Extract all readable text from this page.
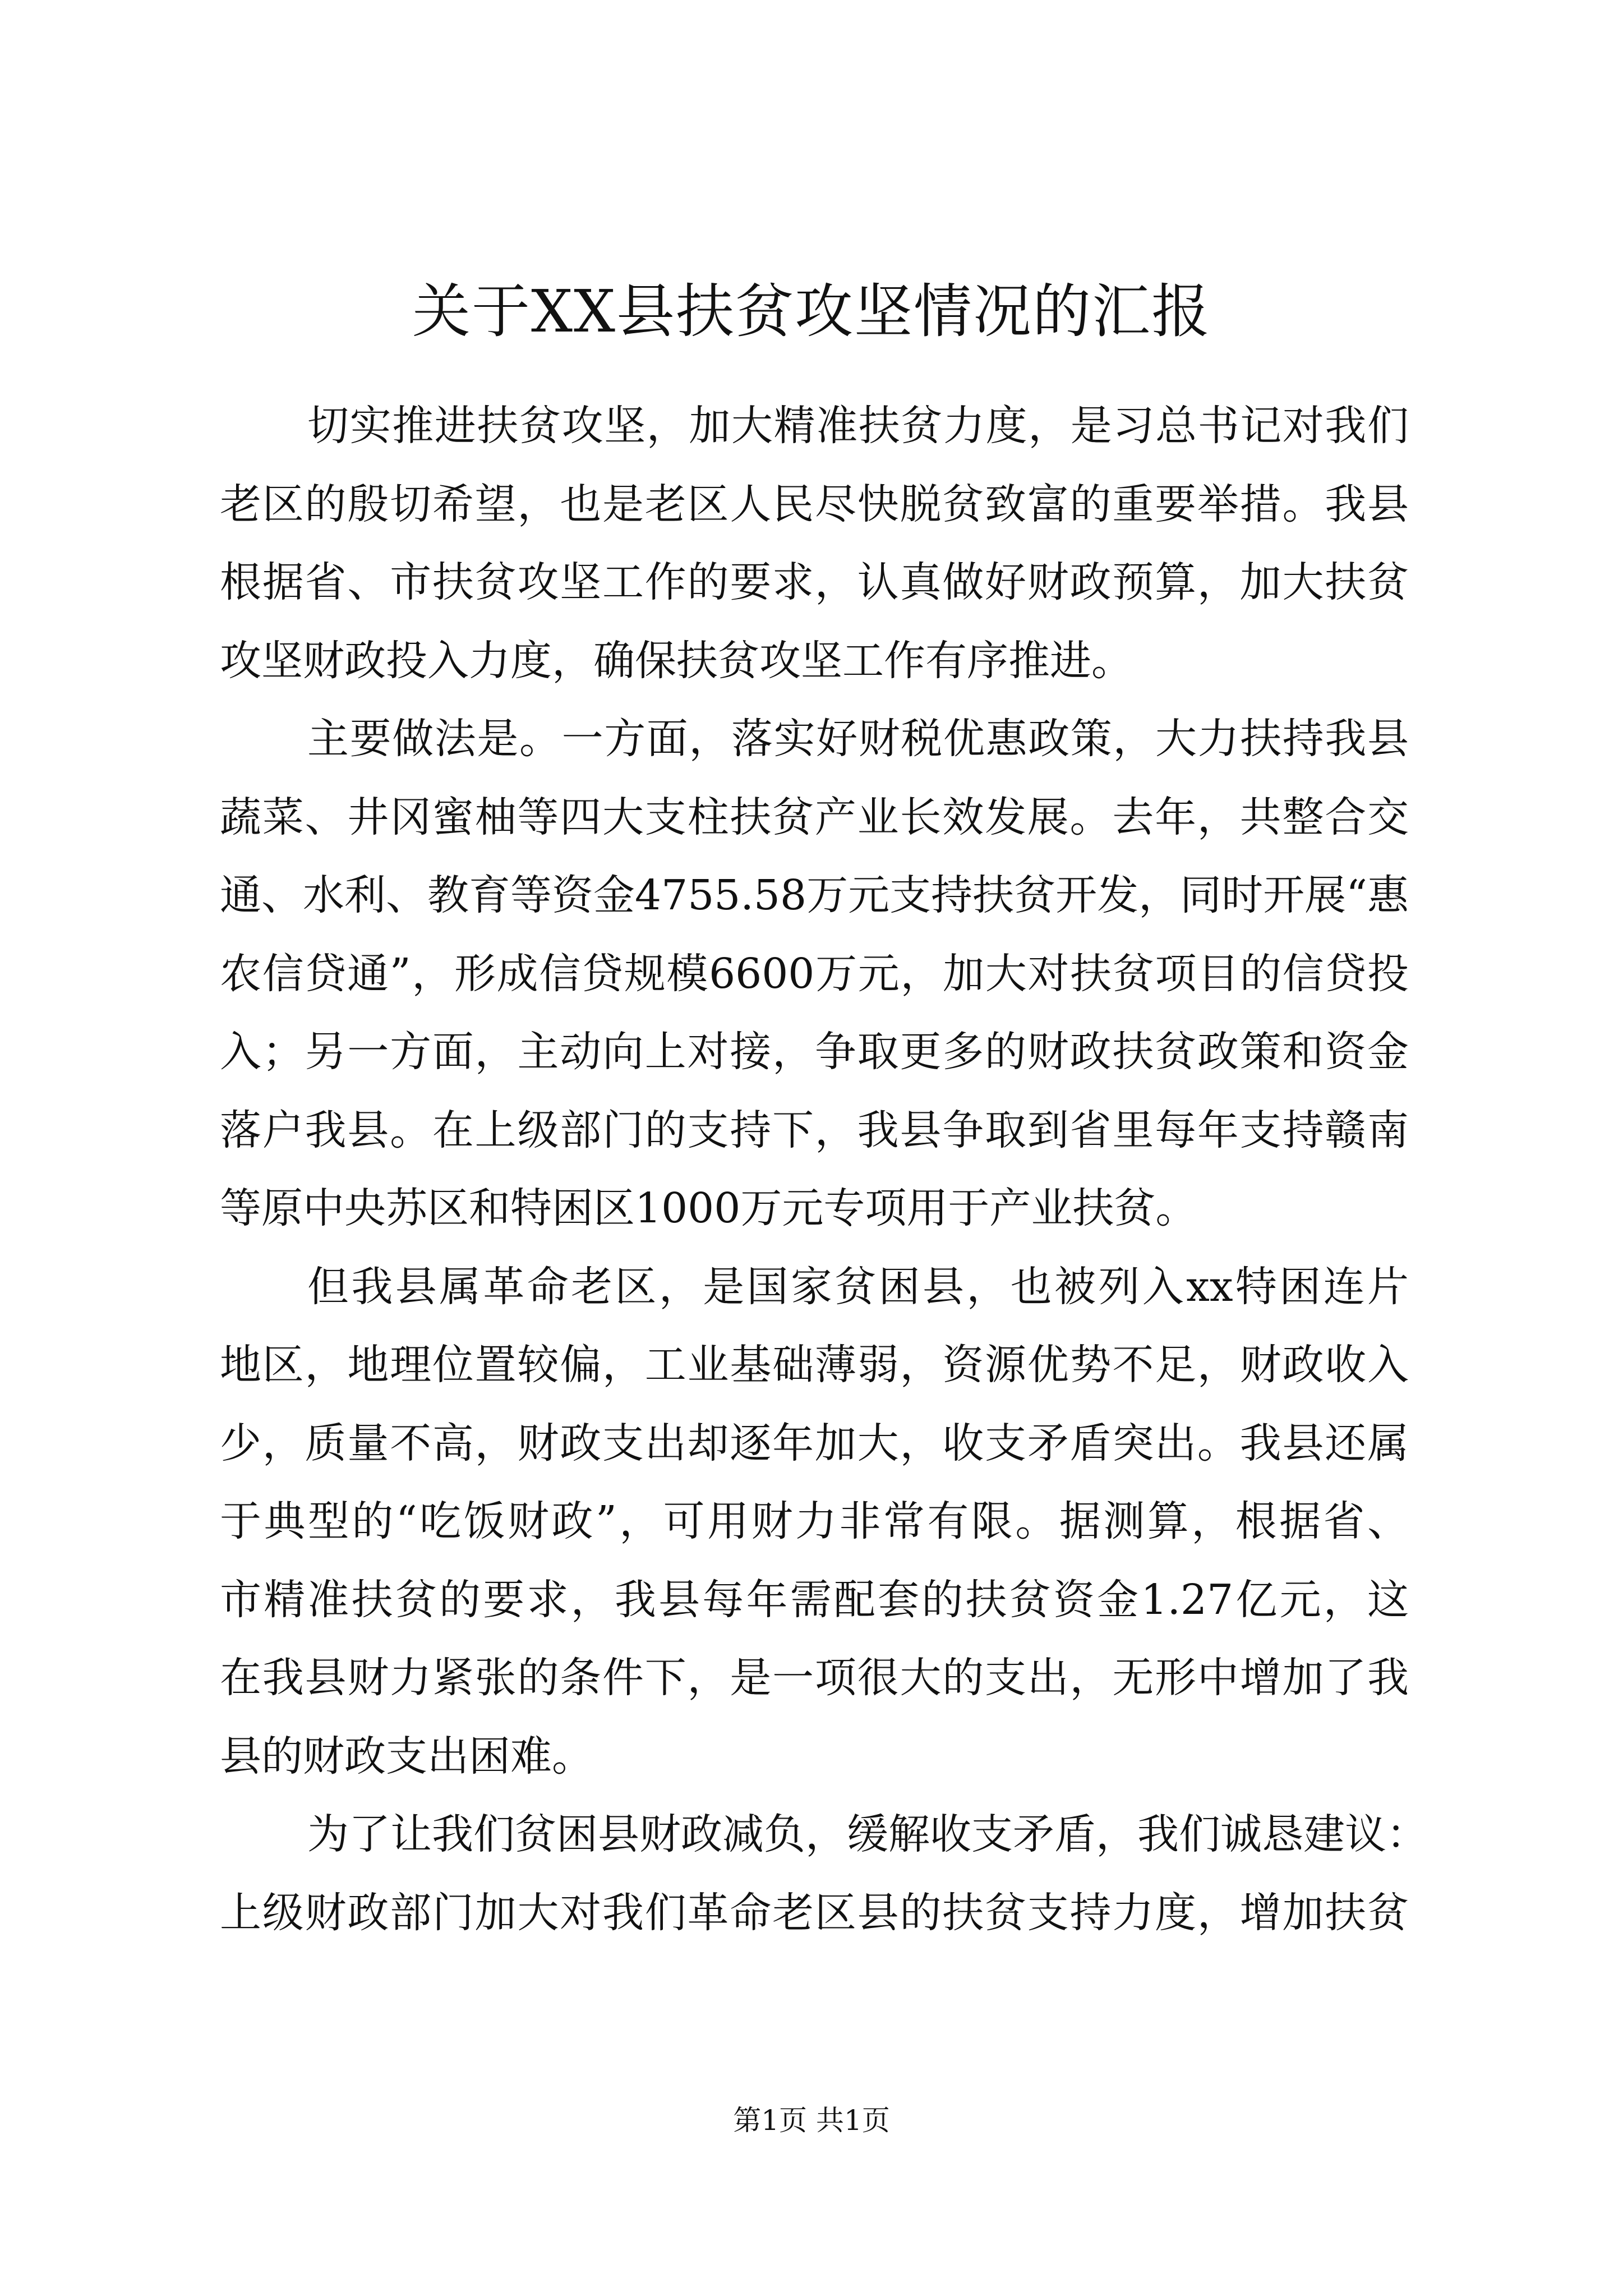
关于XX县扶贫攻坚情况的汇报
切实推进扶贫攻坚，加大精准扶贫力度，是习总书记对我们
老区的殷切希望，也是老区人民尽快脱贫致富的重要举措。我县
根据省、市扶贫攻坚工作的要求，认真做好财政预算，加大扶贫
攻坚财政投入力度，确保扶贫攻坚工作有序推进。
主要做法是。一方面，落实好财税优惠政策，大力扶持我县
蔬菜、井冈蜜柚等四大支柱扶贫产业长效发展。去年，共整合交
通、水利、教育等资金4755.58万元支持扶贫开发，同时开展“惠
农信贷通”，形成信贷规模6600万元，加大对扶贫项目的信贷投
入；另一方面，主动向上对接，争取更多的财政扶贫政策和资金
落户我县。在上级部门的支持下，我县争取到省里每年支持赣南
等原中央苏区和特困区1000万元专项用于产业扶贫。
但我县属革命老区，是国家贫困县，也被列入xx特困连片
地区，地理位置较偏，工业基础薄弱，资源优势不足，财政收入
少，质量不高，财政支出却逐年加大，收支矛盾突出。我县还属
于典型的“吃饭财政”，可用财力非常有限。据测算，根据省、
市精准扶贫的要求，我县每年需配套的扶贫资金1.27亿元，这
在我县财力紧张的条件下，是一项很大的支出，无形中增加了我
县的财政支出困难。
为了让我们贫困县财政减负，缓解收支矛盾，我们诚恳建议：
上级财政部门加大对我们革命老区县的扶贫支持力度，增加扶贫
第1页 共1页
